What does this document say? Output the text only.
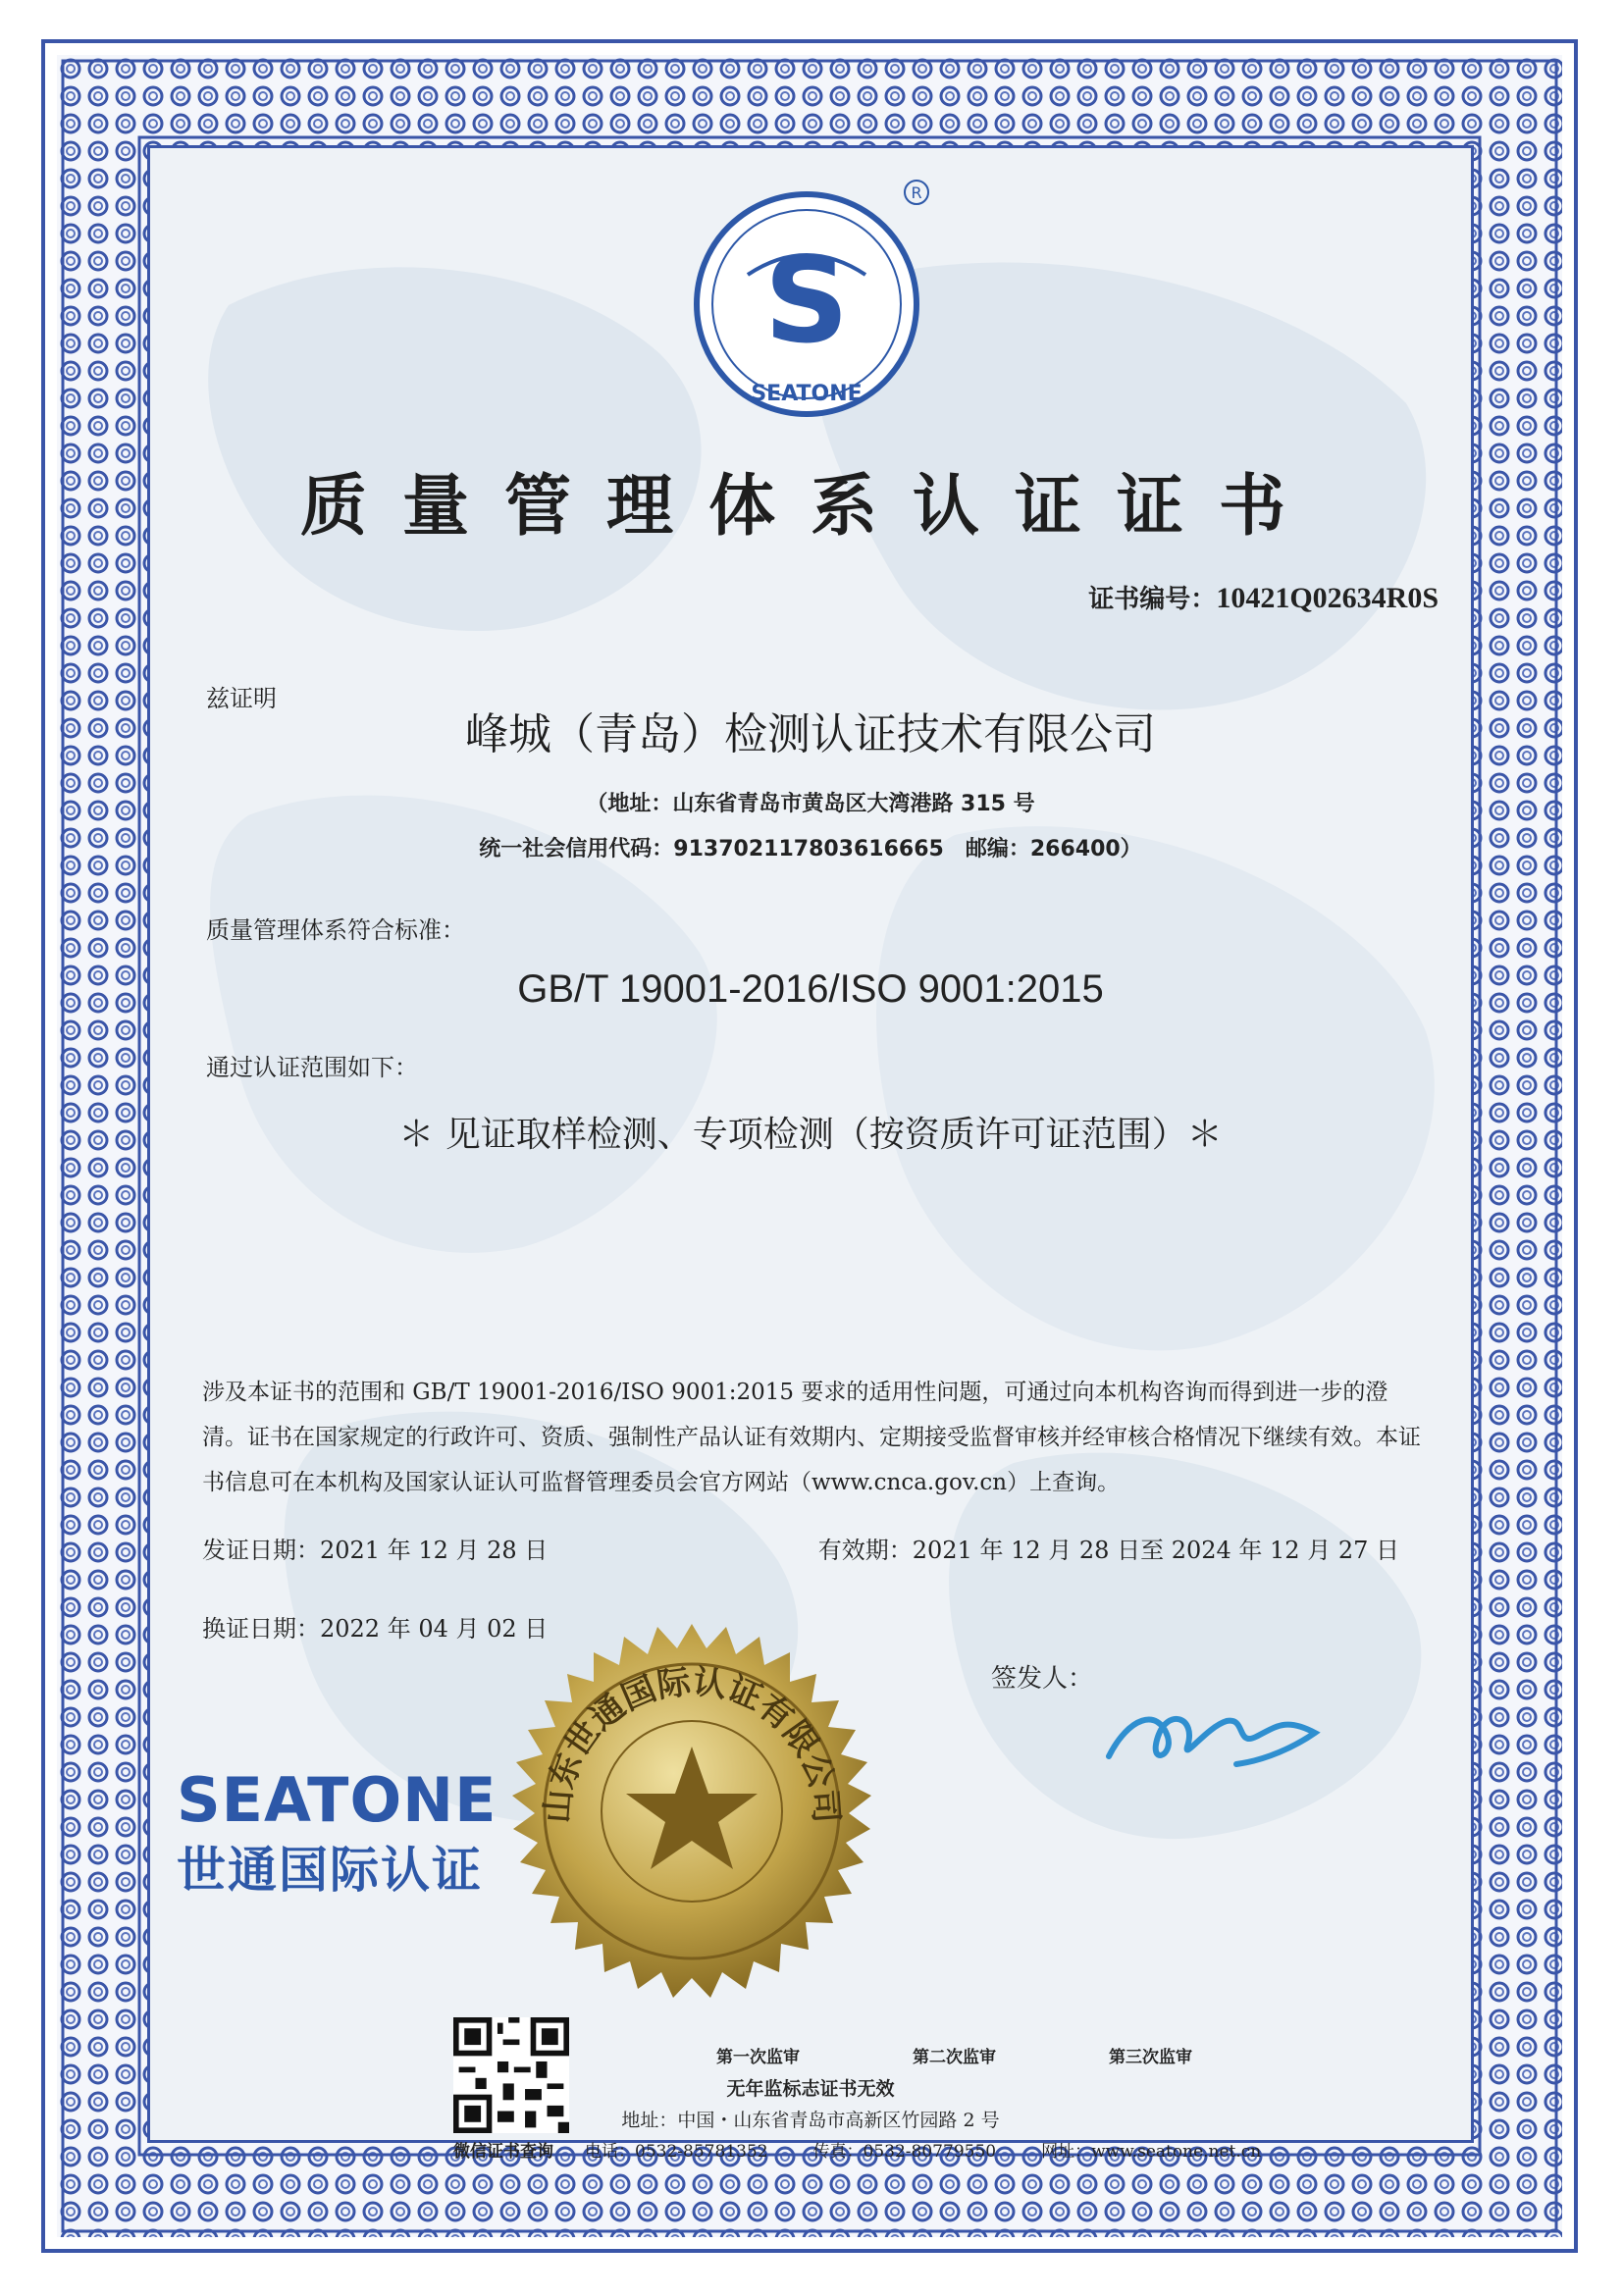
S
SEATONE
R
质量管理体系认证证书
证书编号：10421Q02634R0S
兹证明
峰城（青岛）检测认证技术有限公司
（地址：山东省青岛市黄岛区大湾港路 315 号
统一社会信用代码：913702117803616665　邮编：266400）
质量管理体系符合标准：
GB/T 19001-2016/ISO 9001:2015
通过认证范围如下：
＊ 见证取样检测、专项检测（按资质许可证范围）＊
涉及本证书的范围和 GB/T 19001-2016/ISO 9001:2015 要求的适用性问题，可通过向本机构咨询而得到进一步的澄清。证书在国家规定的行政许可、资质、强制性产品认证有效期内、定期接受监督审核并经审核合格情况下继续有效。本证书信息可在本机构及国家认证认可监督管理委员会官方网站（www.cnca.gov.cn）上查询。
发证日期：2021 年 12 月 28 日	有效期：2021 年 12 月 28 日至 2024 年 12 月 27 日
换证日期：2022 年 04 月 02 日
签发人：
SEATONE
世通国际认证
山东世通国际认证有限公司
微信证书查询
第一次监审	第二次监审	第三次监审
无年监标志证书无效
地址：中国・山东省青岛市高新区竹园路 2 号
电话：0532-85781352	传真：0532-80779550	网址：www.seatone.net.cn
